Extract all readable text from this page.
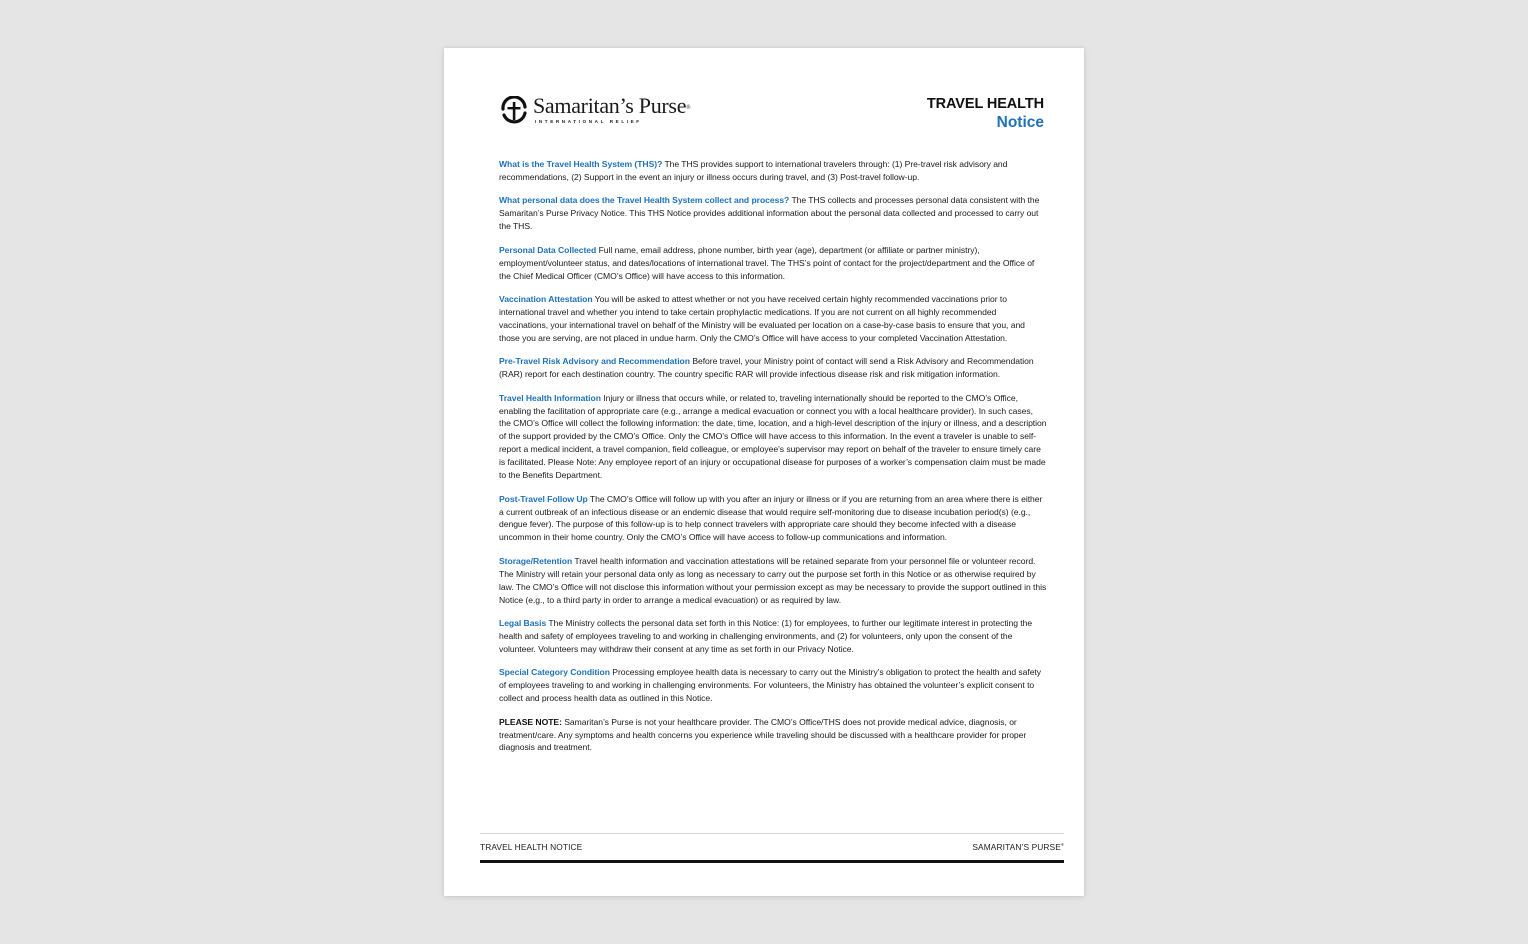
Samaritan’s Purse®
INTERNATIONAL RELIEF
TRAVEL HEALTH
Notice

What is the Travel Health System (THS)? The THS provides support to international travelers through: (1) Pre-travel risk advisory and recommendations, (2) Support in the event an injury or illness occurs during travel, and (3) Post-travel follow-up.

What personal data does the Travel Health System collect and process? The THS collects and processes personal data consistent with the Samaritan’s Purse Privacy Notice. This THS Notice provides additional information about the personal data collected and processed to carry out the THS.

Personal Data Collected Full name, email address, phone number, birth year (age), department (or affiliate or partner ministry), employment/volunteer status, and dates/locations of international travel. The THS’s point of contact for the project/department and the Office of the Chief Medical Officer (CMO’s Office) will have access to this information.

Vaccination Attestation You will be asked to attest whether or not you have received certain highly recommended vaccinations prior to international travel and whether you intend to take certain prophylactic medications. If you are not current on all highly recommended vaccinations, your international travel on behalf of the Ministry will be evaluated per location on a case-by-case basis to ensure that you, and those you are serving, are not placed in undue harm. Only the CMO’s Office will have access to your completed Vaccination Attestation.

Pre-Travel Risk Advisory and Recommendation Before travel, your Ministry point of contact will send a Risk Advisory and Recommendation (RAR) report for each destination country. The country specific RAR will provide infectious disease risk and risk mitigation information.

Travel Health Information Injury or illness that occurs while, or related to, traveling internationally should be reported to the CMO’s Office, enabling the facilitation of appropriate care (e.g., arrange a medical evacuation or connect you with a local healthcare provider). In such cases, the CMO’s Office will collect the following information: the date, time, location, and a high-level description of the injury or illness, and a description of the support provided by the CMO’s Office. Only the CMO’s Office will have access to this information. In the event a traveler is unable to self-report a medical incident, a travel companion, field colleague, or employee’s supervisor may report on behalf of the traveler to ensure timely care is facilitated. Please Note: Any employee report of an injury or occupational disease for purposes of a worker’s compensation claim must be made to the Benefits Department.

Post-Travel Follow Up The CMO’s Office will follow up with you after an injury or illness or if you are returning from an area where there is either a current outbreak of an infectious disease or an endemic disease that would require self-monitoring due to disease incubation period(s) (e.g., dengue fever). The purpose of this follow-up is to help connect travelers with appropriate care should they become infected with a disease uncommon in their home country. Only the CMO’s Office will have access to follow-up communications and information.

Storage/Retention Travel health information and vaccination attestations will be retained separate from your personnel file or volunteer record. The Ministry will retain your personal data only as long as necessary to carry out the purpose set forth in this Notice or as otherwise required by law. The CMO’s Office will not disclose this information without your permission except as may be necessary to provide the support outlined in this Notice (e.g., to a third party in order to arrange a medical evacuation) or as required by law.

Legal Basis The Ministry collects the personal data set forth in this Notice: (1) for employees, to further our legitimate interest in protecting the health and safety of employees traveling to and working in challenging environments, and (2) for volunteers, only upon the consent of the volunteer. Volunteers may withdraw their consent at any time as set forth in our Privacy Notice.

Special Category Condition Processing employee health data is necessary to carry out the Ministry’s obligation to protect the health and safety of employees traveling to and working in challenging environments. For volunteers, the Ministry has obtained the volunteer’s explicit consent to collect and process health data as outlined in this Notice.

PLEASE NOTE: Samaritan’s Purse is not your healthcare provider. The CMO’s Office/THS does not provide medical advice, diagnosis, or treatment/care. Any symptoms and health concerns you experience while traveling should be discussed with a healthcare provider for proper diagnosis and treatment.

TRAVEL HEALTH NOTICE	SAMARITAN’S PURSE®
